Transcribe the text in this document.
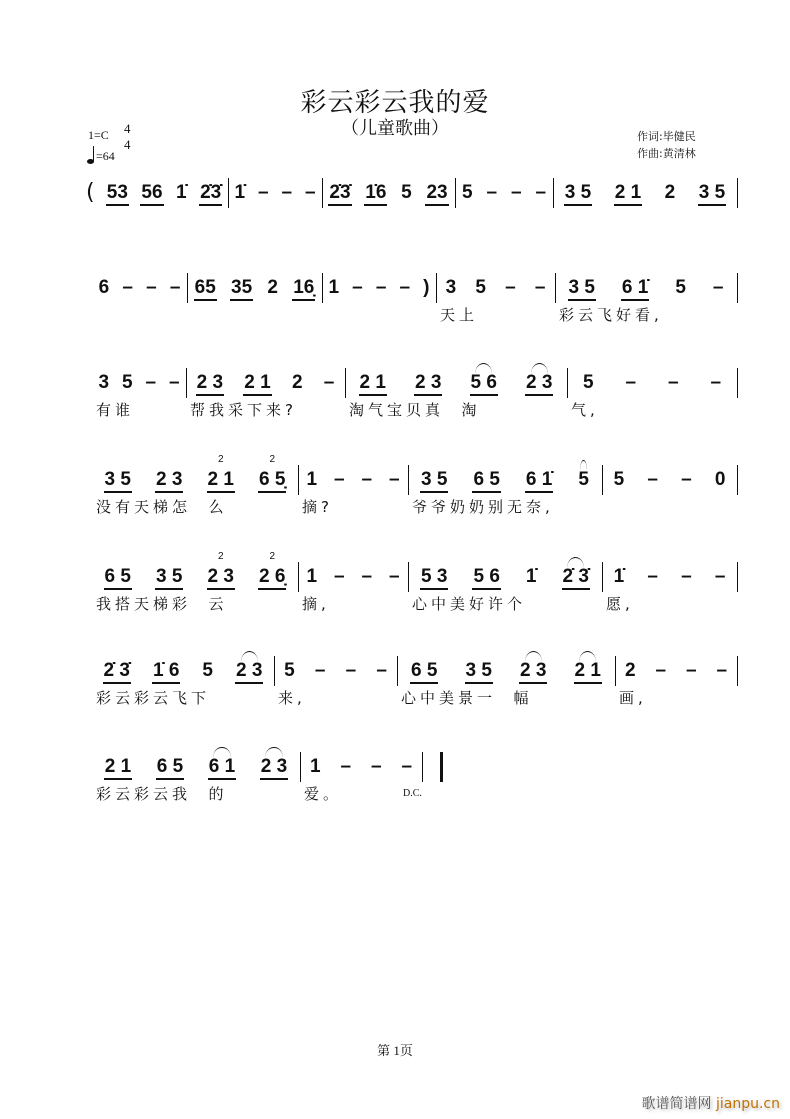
彩云彩云我的爱
（儿童歌曲）
1=C 4
4
=64
作词:毕健民
作曲:黄清林
( 53 56 1̇ 2̇3̇ 1̇ – – – 2̇3̇ 1̇6 5 23 5 – – – 3 5 2 1 2 3 5
6 – – – 65 35 2 16̣ 1 – – – ) 3 5 – –
天上
3 5 6 1̇ 5 –
彩云飞好看,
3 5 – –
有谁
2 3 2 1 2 –
帮我采下来?
2 1 2 3 5 6 2 3
淘气宝贝真  淘
5 – – –
气,
3 5 2 3 2 1
2
6 5̣
2
没有天梯怎  么
1 – – –
摘?
3 5 6 5 6 1̇ 5
爷爷奶奶别无奈,
5 – – 0
6 5 3 5 2 3
2
2 6̣
2
我搭天梯彩  云
1 – – –
摘,
5 3 5 6 1̇ 2̇ 3̇
心中美好许个
1̇ – – –
愿,
2̇ 3̇ 1̇ 6 5 2 3
彩云彩云飞下
5 – – –
来,
6 5 3 5 2 3 2 1
心中美景一  幅
2 – – –
画,
2 1 6 5 6 1 2 3
彩云彩云我  的
1 – – –
爱。	D.C.
第 1页
歌谱简谱网 jianpu.cn
